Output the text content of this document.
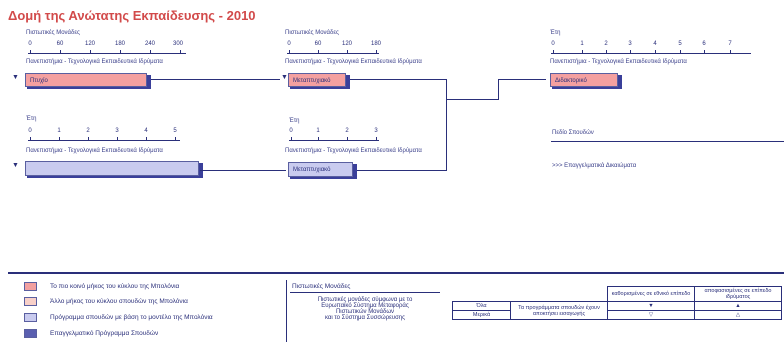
Δομή της Ανώτατης Εκπαίδευσης - 2010
Πιστωτικές Μονάδες
0	60	120	180	240	300
Πανεπιστήμια - Τεχνολογικά Εκπαιδευτικά Ιδρύματα
▼ Πτυχίο
Πιστωτικές Μονάδες
0	60	120	180
Πανεπιστήμια - Τεχνολογικά Εκπαιδευτικά Ιδρύματα
▼ Μεταπτυχιακό
Έτη
0	1	2	3	4	5	6	7
Πανεπιστήμια - Τεχνολογικά Εκπαιδευτικά Ιδρύματα
Διδακτορικό
Έτη
0	1	2	3	4	5
Πανεπιστήμια - Τεχνολογικά Εκπαιδευτικά Ιδρύματα
▼
Έτη
0	1	2	3
Πανεπιστήμια - Τεχνολογικά Εκπαιδευτικά Ιδρύματα
Μεταπτυχιακό
Πεδίο Σπουδών
>>> Επαγγελματικά Δικαιώματα
Το πιο κοινό μήκος του κύκλου της Μπολόνια
Άλλο μήκος του κύκλου σπουδών της Μπολόνια
Πρόγραμμα σπουδών με βάση το μοντέλο της Μπολόνια
Επαγγελματικό Πρόγραμμα Σπουδών
Πιστωτικές Μονάδες
Πιστωτικές μονάδες σύμφωνα με το
Ευρωπαϊκό Σύστημα Μεταφοράς
Πιστωτικών Μονάδων
και το Σύστημα Συσσώρευσης
		καθορισμένες σε εθνικό επίπεδο	αποφασισμένες σε επίπεδο ιδρύματος
Όλα	Τα προγράμματα σπουδών έχουν αποκτήσει εισαγωγής	▼	▲
Μερικά		▽	△
